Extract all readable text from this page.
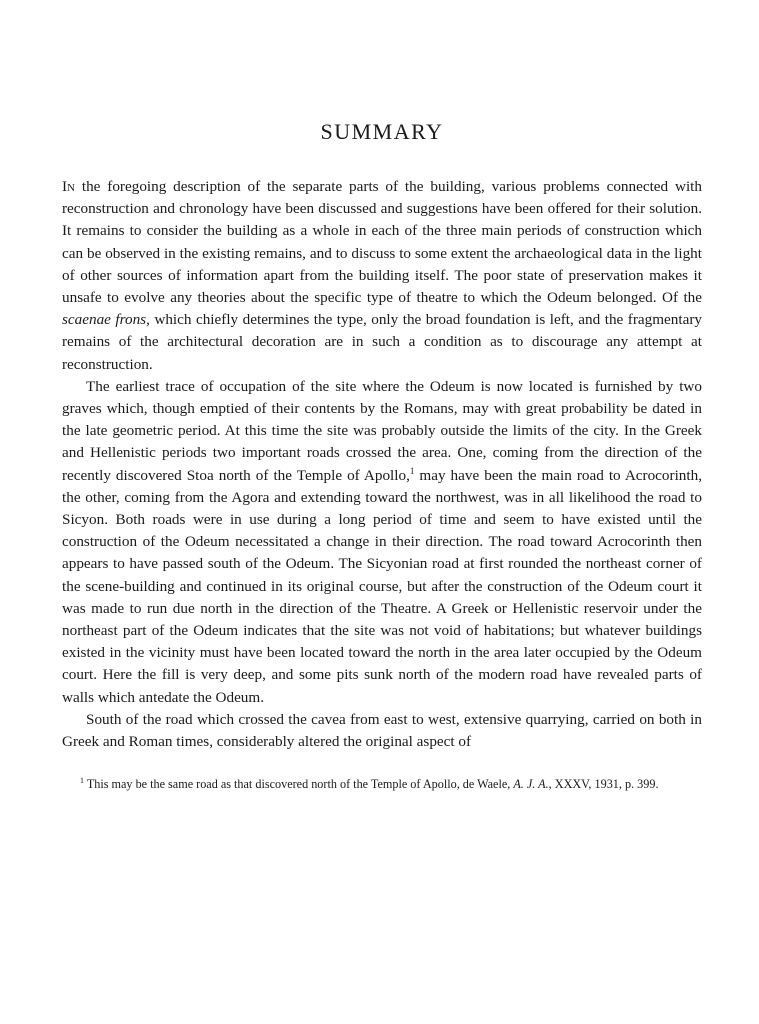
SUMMARY

In the foregoing description of the separate parts of the building, various problems connected with reconstruction and chronology have been discussed and suggestions have been offered for their solution. It remains to consider the building as a whole in each of the three main periods of construction which can be observed in the existing remains, and to discuss to some extent the archaeological data in the light of other sources of information apart from the building itself. The poor state of preservation makes it unsafe to evolve any theories about the specific type of theatre to which the Odeum belonged. Of the scaenae frons, which chiefly determines the type, only the broad foundation is left, and the fragmentary remains of the architectural decoration are in such a condition as to discourage any attempt at reconstruction.

The earliest trace of occupation of the site where the Odeum is now located is furnished by two graves which, though emptied of their contents by the Romans, may with great probability be dated in the late geometric period. At this time the site was probably outside the limits of the city. In the Greek and Hellenistic periods two important roads crossed the area. One, coming from the direction of the recently discovered Stoa north of the Temple of Apollo,$^1$ may have been the main road to Acrocorinth, the other, coming from the Agora and extending toward the northwest, was in all likelihood the road to Sicyon. Both roads were in use during a long period of time and seem to have existed until the construction of the Odeum necessitated a change in their direction. The road toward Acrocorinth then appears to have passed south of the Odeum. The Sicyonian road at first rounded the northeast corner of the scene-building and continued in its original course, but after the construction of the Odeum court it was made to run due north in the direction of the Theatre. A Greek or Hellenistic reservoir under the northeast part of the Odeum indicates that the site was not void of habitations; but whatever buildings existed in the vicinity must have been located toward the north in the area later occupied by the Odeum court. Here the fill is very deep, and some pits sunk north of the modern road have revealed parts of walls which antedate the Odeum.

South of the road which crossed the cavea from east to west, extensive quarrying, carried on both in Greek and Roman times, considerably altered the original aspect of

$^1$ This may be the same road as that discovered north of the Temple of Apollo, de Waele, A. J. A., XXXV, 1931, p. 399.
